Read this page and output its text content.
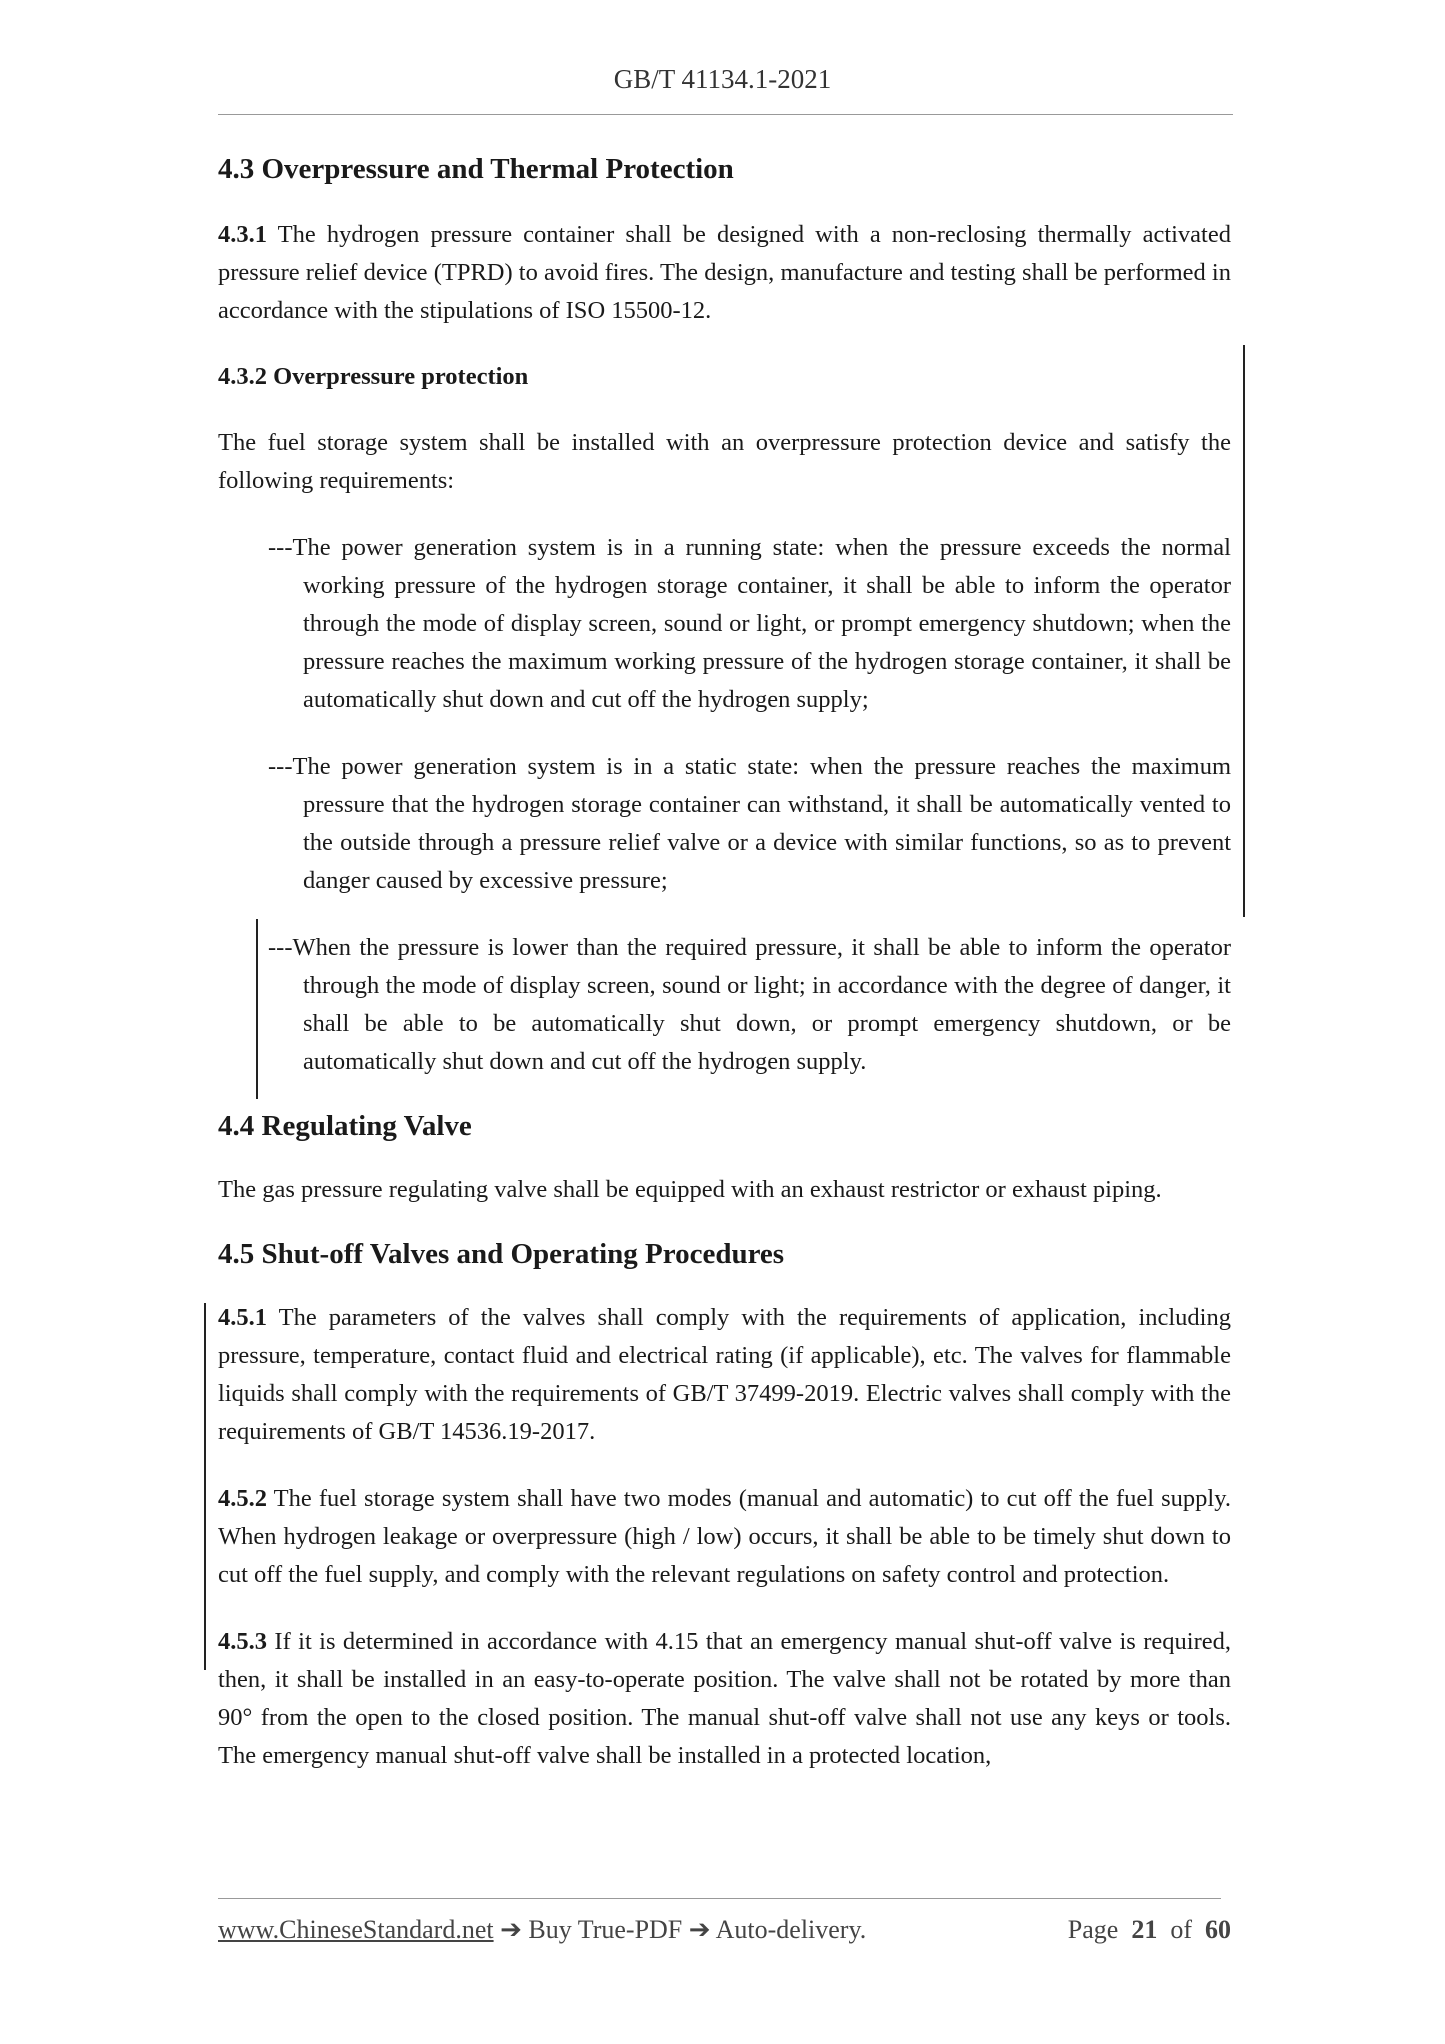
GB/T 41134.1-2021
4.3 Overpressure and Thermal Protection

4.3.1 The hydrogen pressure container shall be designed with a non-reclosing thermally activated pressure relief device (TPRD) to avoid fires. The design, manufacture and testing shall be performed in accordance with the stipulations of ISO 15500-12.

4.3.2 Overpressure protection

The fuel storage system shall be installed with an overpressure protection device and satisfy the following requirements:

---The power generation system is in a running state: when the pressure exceeds the normal working pressure of the hydrogen storage container, it shall be able to inform the operator through the mode of display screen, sound or light, or prompt emergency shutdown; when the pressure reaches the maximum working pressure of the hydrogen storage container, it shall be automatically shut down and cut off the hydrogen supply;

---The power generation system is in a static state: when the pressure reaches the maximum pressure that the hydrogen storage container can withstand, it shall be automatically vented to the outside through a pressure relief valve or a device with similar functions, so as to prevent danger caused by excessive pressure;

---When the pressure is lower than the required pressure, it shall be able to inform the operator through the mode of display screen, sound or light; in accordance with the degree of danger, it shall be able to be automatically shut down, or prompt emergency shutdown, or be automatically shut down and cut off the hydrogen supply.

4.4 Regulating Valve

The gas pressure regulating valve shall be equipped with an exhaust restrictor or exhaust piping.

4.5 Shut-off Valves and Operating Procedures

4.5.1 The parameters of the valves shall comply with the requirements of application, including pressure, temperature, contact fluid and electrical rating (if applicable), etc. The valves for flammable liquids shall comply with the requirements of GB/T 37499-2019. Electric valves shall comply with the requirements of GB/T 14536.19-2017.

4.5.2 The fuel storage system shall have two modes (manual and automatic) to cut off the fuel supply. When hydrogen leakage or overpressure (high / low) occurs, it shall be able to be timely shut down to cut off the fuel supply, and comply with the relevant regulations on safety control and protection.

4.5.3 If it is determined in accordance with 4.15 that an emergency manual shut-off valve is required, then, it shall be installed in an easy-to-operate position. The valve shall not be rotated by more than 90° from the open to the closed position. The manual shut-off valve shall not use any keys or tools. The emergency manual shut-off valve shall be installed in a protected location,

www.ChineseStandard.net ➔ Buy True-PDF ➔ Auto-delivery.	Page 21 of 60
